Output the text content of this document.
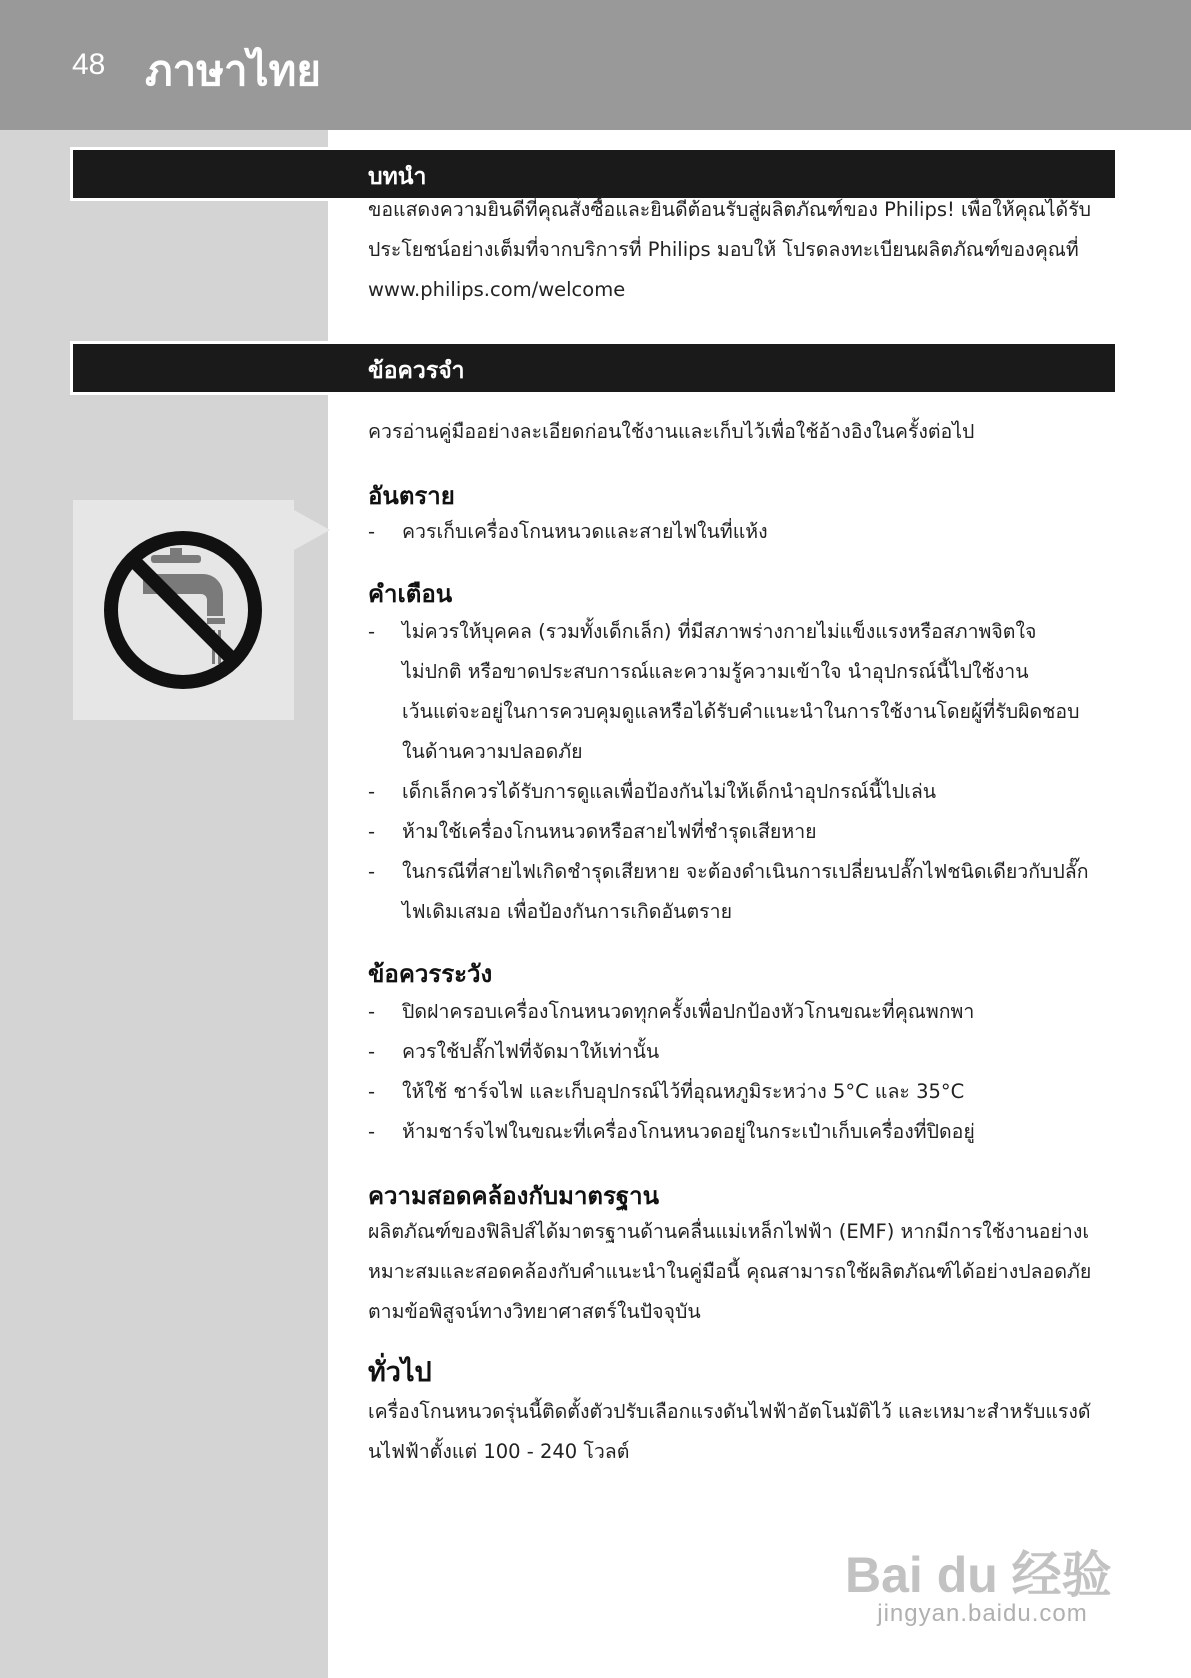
48 ภาษาไทย
บทนำ

ขอแสดงความยินดีที่คุณสั่งซื้อและยินดีต้อนรับสู่ผลิตภัณฑ์ของ Philips! เพื่อให้คุณได้รับ

ประโยชน์อย่างเต็มที่จากบริการที่ Philips มอบให้ โปรดลงทะเบียนผลิตภัณฑ์ของคุณที่

www.philips.com/welcome

ข้อควรจำ

ควรอ่านคู่มืออย่างละเอียดก่อนใช้งานและเก็บไว้เพื่อใช้อ้างอิงในครั้งต่อไป

อันตราย
- ควรเก็บเครื่องโกนหนวดและสายไฟในที่แห้ง
คำเตือน
- ไม่ควรให้บุคคล (รวมทั้งเด็กเล็ก) ที่มีสภาพร่างกายไม่แข็งแรงหรือสภาพจิตใจ
ไม่ปกติ หรือขาดประสบการณ์และความรู้ความเข้าใจ นำอุปกรณ์นี้ไปใช้งาน
เว้นแต่จะอยู่ในการควบคุมดูแลหรือได้รับคำแนะนำในการใช้งานโดยผู้ที่รับผิดชอบ
ในด้านความปลอดภัย
- เด็กเล็กควรได้รับการดูแลเพื่อป้องกันไม่ให้เด็กนำอุปกรณ์นี้ไปเล่น
- ห้ามใช้เครื่องโกนหนวดหรือสายไฟที่ชำรุดเสียหาย
- ในกรณีที่สายไฟเกิดชำรุดเสียหาย จะต้องดำเนินการเปลี่ยนปลั๊กไฟชนิดเดียวกับปลั๊ก
ไฟเดิมเสมอ เพื่อป้องกันการเกิดอันตราย
ข้อควรระวัง
- ปิดฝาครอบเครื่องโกนหนวดทุกครั้งเพื่อปกป้องหัวโกนขณะที่คุณพกพา
- ควรใช้ปลั๊กไฟที่จัดมาให้เท่านั้น
- ให้ใช้ ชาร์จไฟ และเก็บอุปกรณ์ไว้ที่อุณหภูมิระหว่าง 5°C และ 35°C
- ห้ามชาร์จไฟในขณะที่เครื่องโกนหนวดอยู่ในกระเป๋าเก็บเครื่องที่ปิดอยู่
ความสอดคล้องกับมาตรฐาน

ผลิตภัณฑ์ของฟิลิปส์ได้มาตรฐานด้านคลื่นแม่เหล็กไฟฟ้า (EMF) หากมีการใช้งานอย่างเ

หมาะสมและสอดคล้องกับคำแนะนำในคู่มือนี้ คุณสามารถใช้ผลิตภัณฑ์ได้อย่างปลอดภัย

ตามข้อพิสูจน์ทางวิทยาศาสตร์ในปัจจุบัน

ทั่วไป

เครื่องโกนหนวดรุ่นนี้ติดตั้งตัวปรับเลือกแรงดันไฟฟ้าอัตโนมัติไว้ และเหมาะสำหรับแรงดั

นไฟฟ้าตั้งแต่ 100 - 240 โวลต์

Bai du 经验
jingyan.baidu.com
